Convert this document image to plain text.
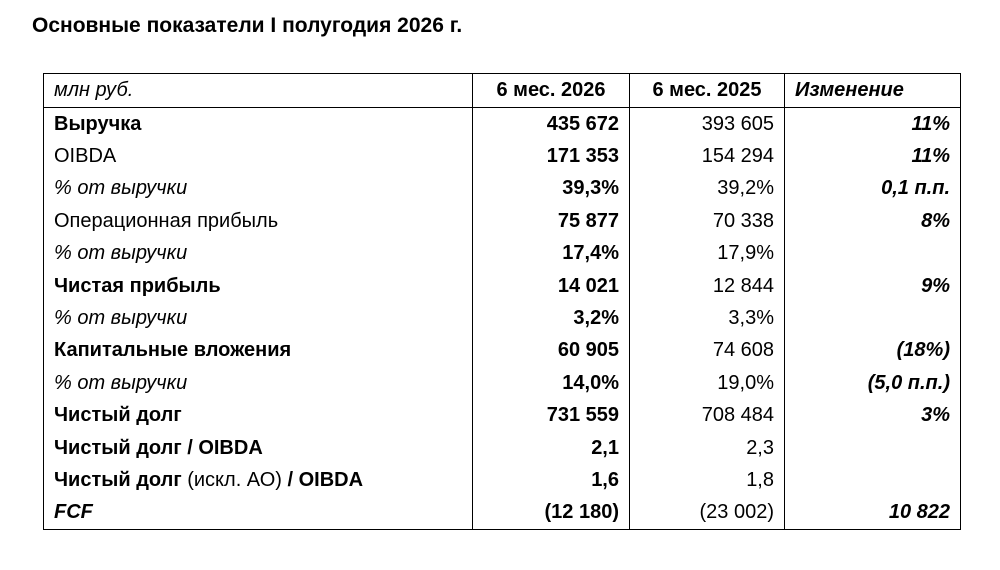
Основные показатели I полугодия 2026 г.
млн руб.	6 мес. 2026	6 мес. 2025	Изменение
Выручка	435 672	393 605	11%
OIBDA	171 353	154 294	11%
% от выручки	39,3%	39,2%	0,1 п.п.
Операционная прибыль	75 877	70 338	8%
% от выручки	17,4%	17,9%	
Чистая прибыль	14 021	12 844	9%
% от выручки	3,2%	3,3%	
Капитальные вложения	60 905	74 608	(18%)
% от выручки	14,0%	19,0%	(5,0 п.п.)
Чистый долг	731 559	708 484	3%
Чистый долг / OIBDA	2,1	2,3	
Чистый долг (искл. АО) / OIBDA	1,6	1,8	
FCF	(12 180)	(23 002)	10 822
